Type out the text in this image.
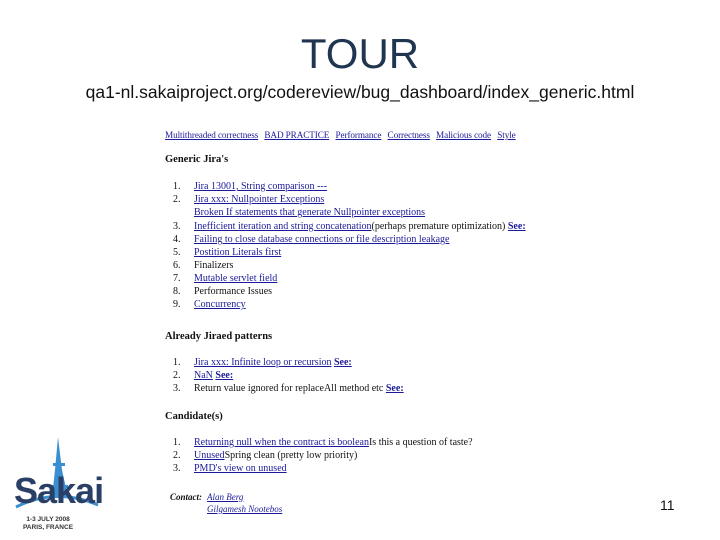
TOUR
qa1-nl.sakaiproject.org/codereview/bug_dashboard/index_generic.html
Multithreaded correctness BAD PRACTICE Performance Correctness Malicious code Style
Generic Jira's
1. Jira 13001, String comparison ---
2. Jira xxx: Nullpointer Exceptions
Broken If statements that generate Nullpointer exceptions
3. Inefficient iteration and string concatenation(perhaps premature optimization) See:
4. Failing to close database connections or file description leakage
5. Postition Literals first
6. Finalizers
7. Mutable servlet field
8. Performance Issues
9. Concurrency
Already Jiraed patterns
1. Jira xxx: Infinite loop or recursion See:
2. NaN See:
3. Return value ignored for replaceAll method etc See:
Candidate(s)
1. Returning null when the contract is booleanIs this a question of taste?
2. UnusedSpring clean (pretty low priority)
3. PMD's view on unused
Contact: Alan Berg
Gilgamesh Nootebos
Sakai
1-3 JULY 2008
PARIS, FRANCE
11
